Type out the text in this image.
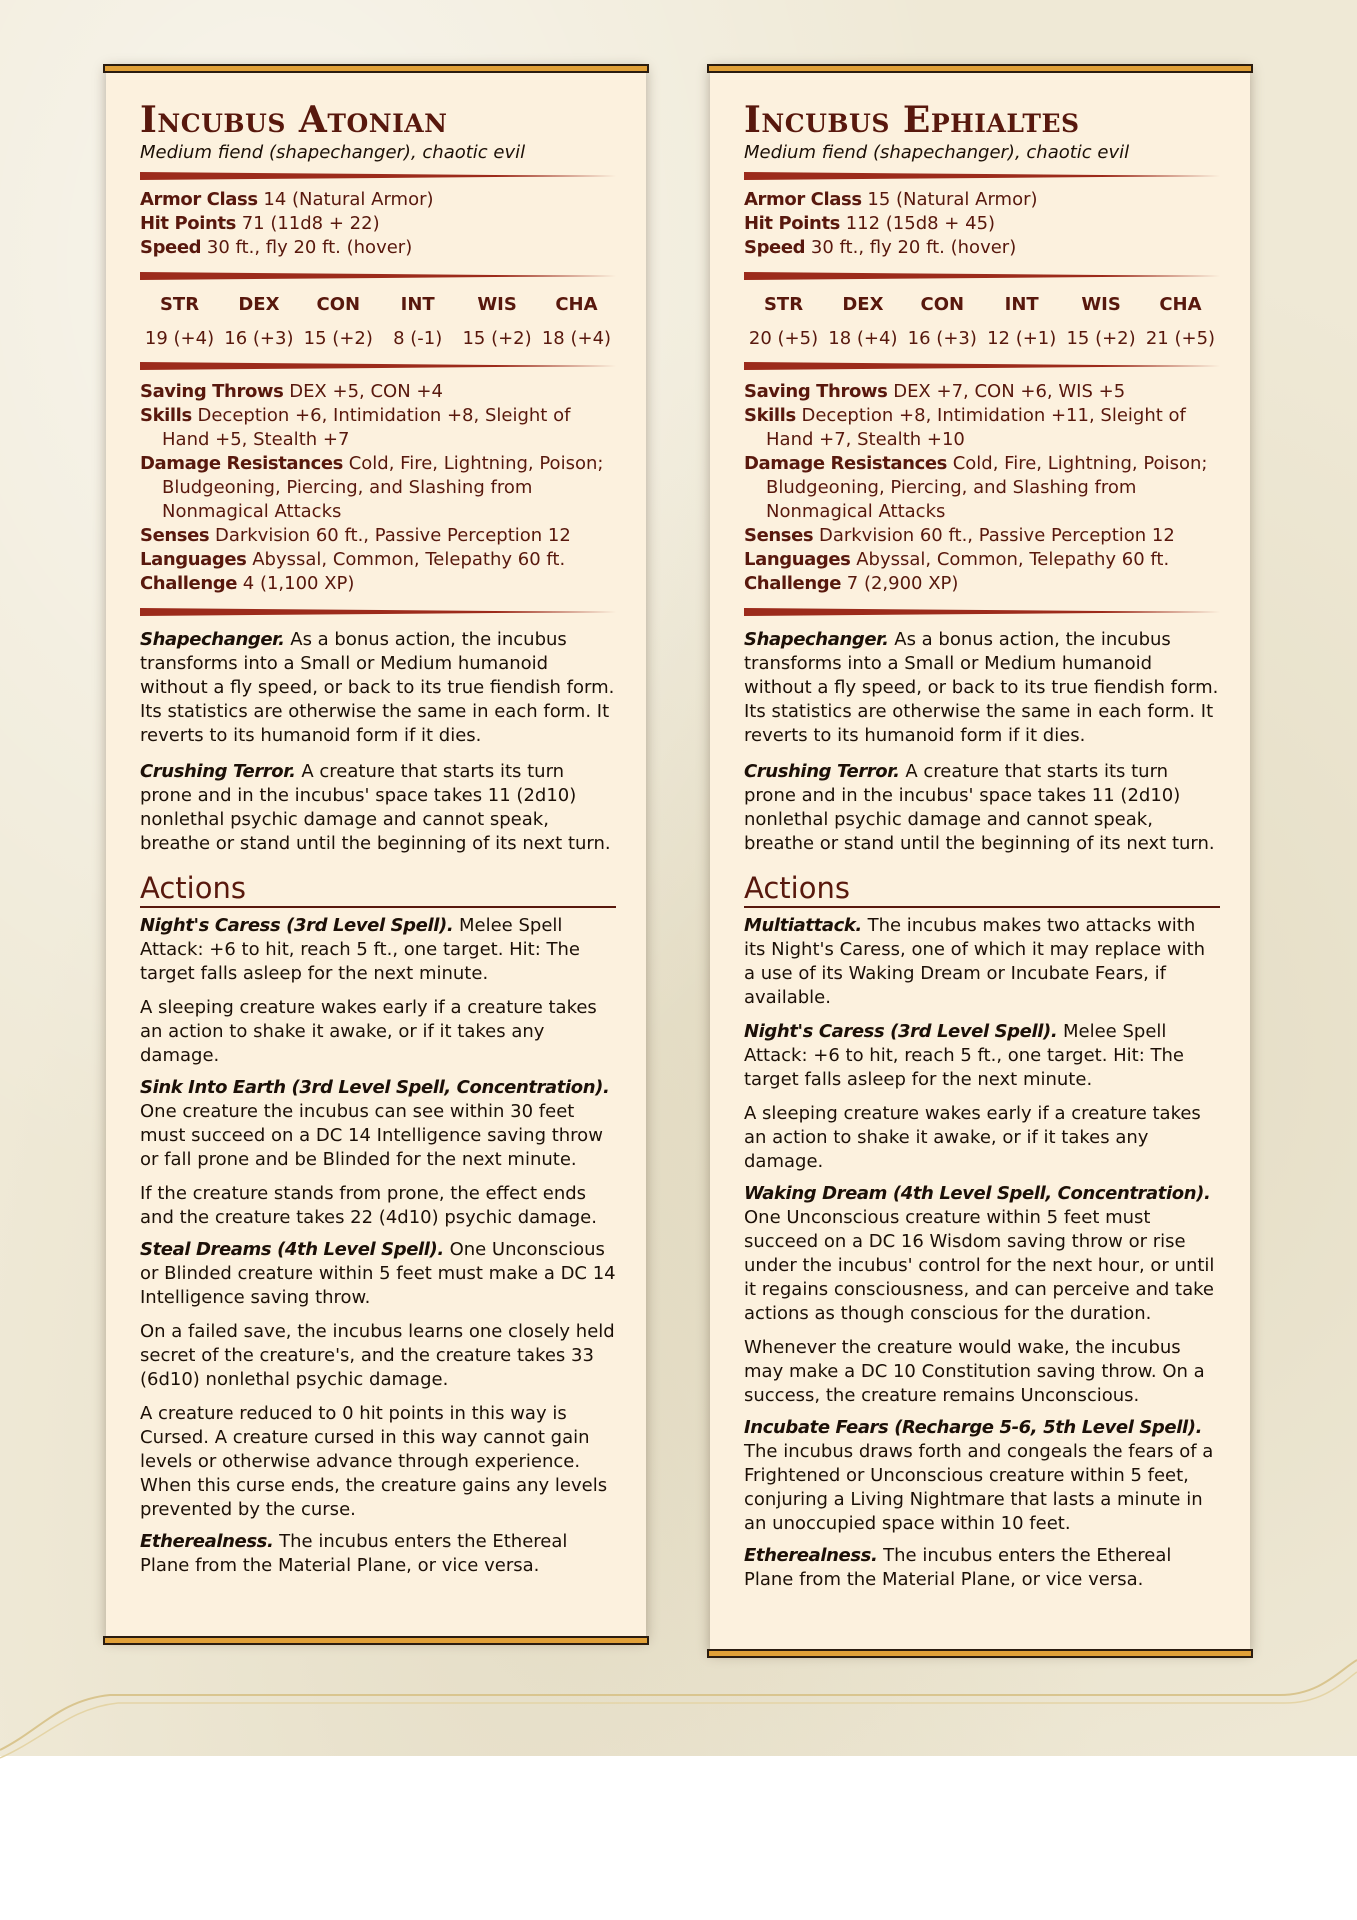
Incubus Atonian
Medium fiend (shapechanger), chaotic evil
Armor Class 14 (Natural Armor)
Hit Points 71 (11d8 + 22)
Speed 30 ft., fly 20 ft. (hover)
STR
19 (+4)
DEX
16 (+3)
CON
15 (+2)
INT
8 (-1)
WIS
15 (+2)
CHA
18 (+4)
Saving Throws DEX +5, CON +4
Skills Deception +6, Intimidation +8, Sleight of Hand +5, Stealth +7
Damage Resistances Cold, Fire, Lightning, Poison; Bludgeoning, Piercing, and Slashing from Nonmagical Attacks
Senses Darkvision 60 ft., Passive Perception 12
Languages Abyssal, Common, Telepathy 60 ft.
Challenge 4 (1,100 XP)

Shapechanger. As a bonus action, the incubus transforms into a Small or Medium humanoid without a fly speed, or back to its true fiendish form. Its statistics are otherwise the same in each form. It reverts to its humanoid form if it dies.

Crushing Terror. A creature that starts its turn prone and in the incubus' space takes 11 (2d10) nonlethal psychic damage and cannot speak, breathe or stand until the beginning of its next turn.

Actions

Night's Caress (3rd Level Spell). Melee Spell Attack: +6 to hit, reach 5 ft., one target. Hit: The target falls asleep for the next minute.

A sleeping creature wakes early if a creature takes an action to shake it awake, or if it takes any damage.

Sink Into Earth (3rd Level Spell, Concentration). One creature the incubus can see within 30 feet must succeed on a DC 14 Intelligence saving throw or fall prone and be Blinded for the next minute.

If the creature stands from prone, the effect ends and the creature takes 22 (4d10) psychic damage.

Steal Dreams (4th Level Spell). One Unconscious or Blinded creature within 5 feet must make a DC 14 Intelligence saving throw.

On a failed save, the incubus learns one closely held secret of the creature's, and the creature takes 33 (6d10) nonlethal psychic damage.

A creature reduced to 0 hit points in this way is Cursed. A creature cursed in this way cannot gain levels or otherwise advance through experience. When this curse ends, the creature gains any levels prevented by the curse.

Etherealness. The incubus enters the Ethereal Plane from the Material Plane, or vice versa.

Incubus Ephialtes
Medium fiend (shapechanger), chaotic evil
Armor Class 15 (Natural Armor)
Hit Points 112 (15d8 + 45)
Speed 30 ft., fly 20 ft. (hover)
STR
20 (+5)
DEX
18 (+4)
CON
16 (+3)
INT
12 (+1)
WIS
15 (+2)
CHA
21 (+5)
Saving Throws DEX +7, CON +6, WIS +5
Skills Deception +8, Intimidation +11, Sleight of Hand +7, Stealth +10
Damage Resistances Cold, Fire, Lightning, Poison; Bludgeoning, Piercing, and Slashing from Nonmagical Attacks
Senses Darkvision 60 ft., Passive Perception 12
Languages Abyssal, Common, Telepathy 60 ft.
Challenge 7 (2,900 XP)

Shapechanger. As a bonus action, the incubus transforms into a Small or Medium humanoid without a fly speed, or back to its true fiendish form. Its statistics are otherwise the same in each form. It reverts to its humanoid form if it dies.

Crushing Terror. A creature that starts its turn prone and in the incubus' space takes 11 (2d10) nonlethal psychic damage and cannot speak, breathe or stand until the beginning of its next turn.

Actions

Multiattack. The incubus makes two attacks with its Night's Caress, one of which it may replace with a use of its Waking Dream or Incubate Fears, if available.

Night's Caress (3rd Level Spell). Melee Spell Attack: +6 to hit, reach 5 ft., one target. Hit: The target falls asleep for the next minute.

A sleeping creature wakes early if a creature takes an action to shake it awake, or if it takes any damage.

Waking Dream (4th Level Spell, Concentration). One Unconscious creature within 5 feet must succeed on a DC 16 Wisdom saving throw or rise under the incubus' control for the next hour, or until it regains consciousness, and can perceive and take actions as though conscious for the duration.

Whenever the creature would wake, the incubus may make a DC 10 Constitution saving throw. On a success, the creature remains Unconscious.

Incubate Fears (Recharge 5-6, 5th Level Spell). The incubus draws forth and congeals the fears of a Frightened or Unconscious creature within 5 feet, conjuring a Living Nightmare that lasts a minute in an unoccupied space within 10 feet.

Etherealness. The incubus enters the Ethereal Plane from the Material Plane, or vice versa.
